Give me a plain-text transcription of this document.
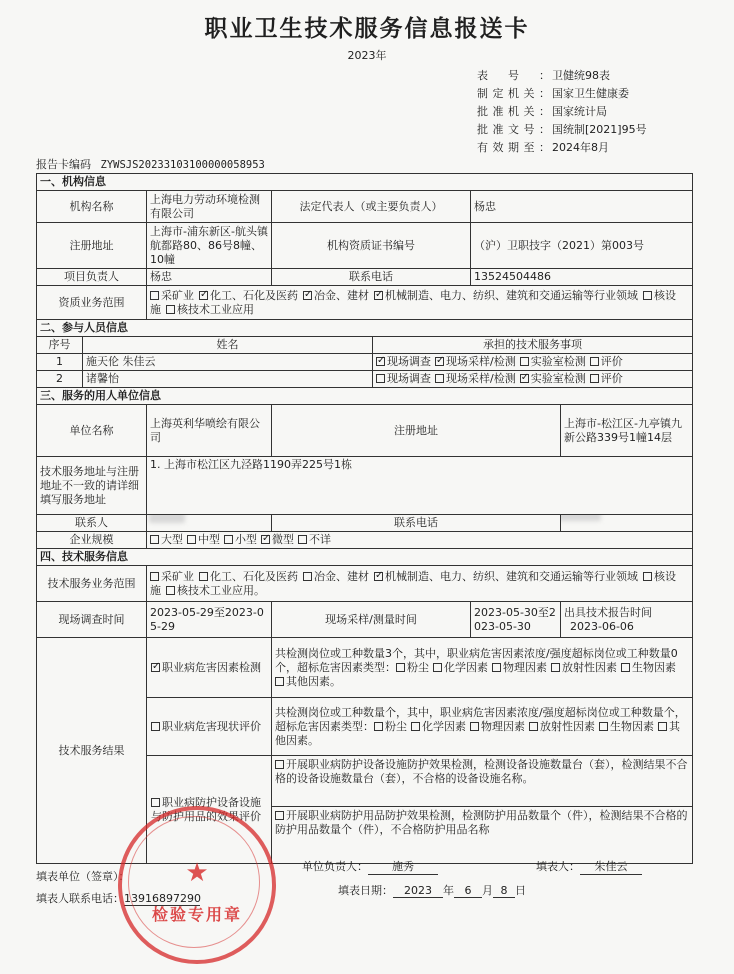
职业卫生技术服务信息报送卡
2023年
表号： 卫健统98表
制定机关： 国家卫生健康委
批准机关： 国家统计局
批准文号： 国统制[2021]95号
有效期至： 2024年8月
报告卡编码 ZYWSJS20233103100000058953
一、机构信息						
机构名称		上海电力劳动环境检测有限公司	法定代表人（或主要负责人）		杨忠	
注册地址		上海市-浦东新区-航头镇航都路80、86号8幢、10幢	机构资质证书编号		（沪）卫职技字（2021）第003号	
项目负责人		杨忠	联系电话		13524504486	
资质业务范围		采矿业 ✓ 化工、石化及医药 ✓ 冶金、建材 ✓ 机械制造、电力、纺织、建筑和交通运输等行业领域 核设施 核技术工业应用
二、参与人员信息						
序号	姓名			承担的技术服务事项		
1	施天伦 朱佳云	✓现场调查 ✓ 现场采样/检测 实验室检测 评价
2	诸馨怡			现场调查 现场采样/检测 ✓ 实验室检测 评价
三、服务的用人单位信息						
单位名称		上海英利华喷绘有限公司	注册地址			上海市-松江区-九亭镇九新公路339号1幢14层
技术服务地址与注册地址不一致的请详细填写服务地址		1. 上海市松江区九泾路1190弄225号1栋				
联系人			联系电话			

企业规模		大型 中型 小型 ✓ 微型 不详
四、技术服务信息						
技术服务业务范围		采矿业 化工、石化及医药 冶金、建材 ✓ 机械制造、电力、纺织、建筑和交通运输等行业领域 核设施 核技术工业应用。
现场调查时间		2023-05-29至2023-05-29	现场采样/测量时间		2023-05-30至2023-05-30	出具技术报告时间 2023-06-06
技术服务结果	✓职业病危害因素检测	共检测岗位或工种数量3个，其中，职业病危害因素浓度/强度超标岗位或工种数量0个，超标危害因素类型： 粉尘 化学因素 物理因素 放射性因素 生物因素其他因素。			
		职业病危害现状评价	共检测岗位或工种数量个，其中，职业病危害因素浓度/强度超标岗位或工种数量个，超标危害因素类型： 粉尘 化学因素 物理因素 放射性因素 生物因素 其他因素。			
		职业病防护设备设施与防护用品的效果评价	开展职业病防护设备设施防护效果检测，检测设备设施数量台（套），检测结果不合格的设备设施数量台（套），不合格的设备设施名称。
开展职业病防护用品防护效果检测，检测防护用品数量个（件），检测结果不合格的防护用品数量个（件），不合格防护用品名称			
填表单位（签章）：
单位负责人： 施秀	填表人： 朱佳云
填表人联系电话：13916897290
填表日期： 2023 年 6 月 8 日
★
检验专用章
